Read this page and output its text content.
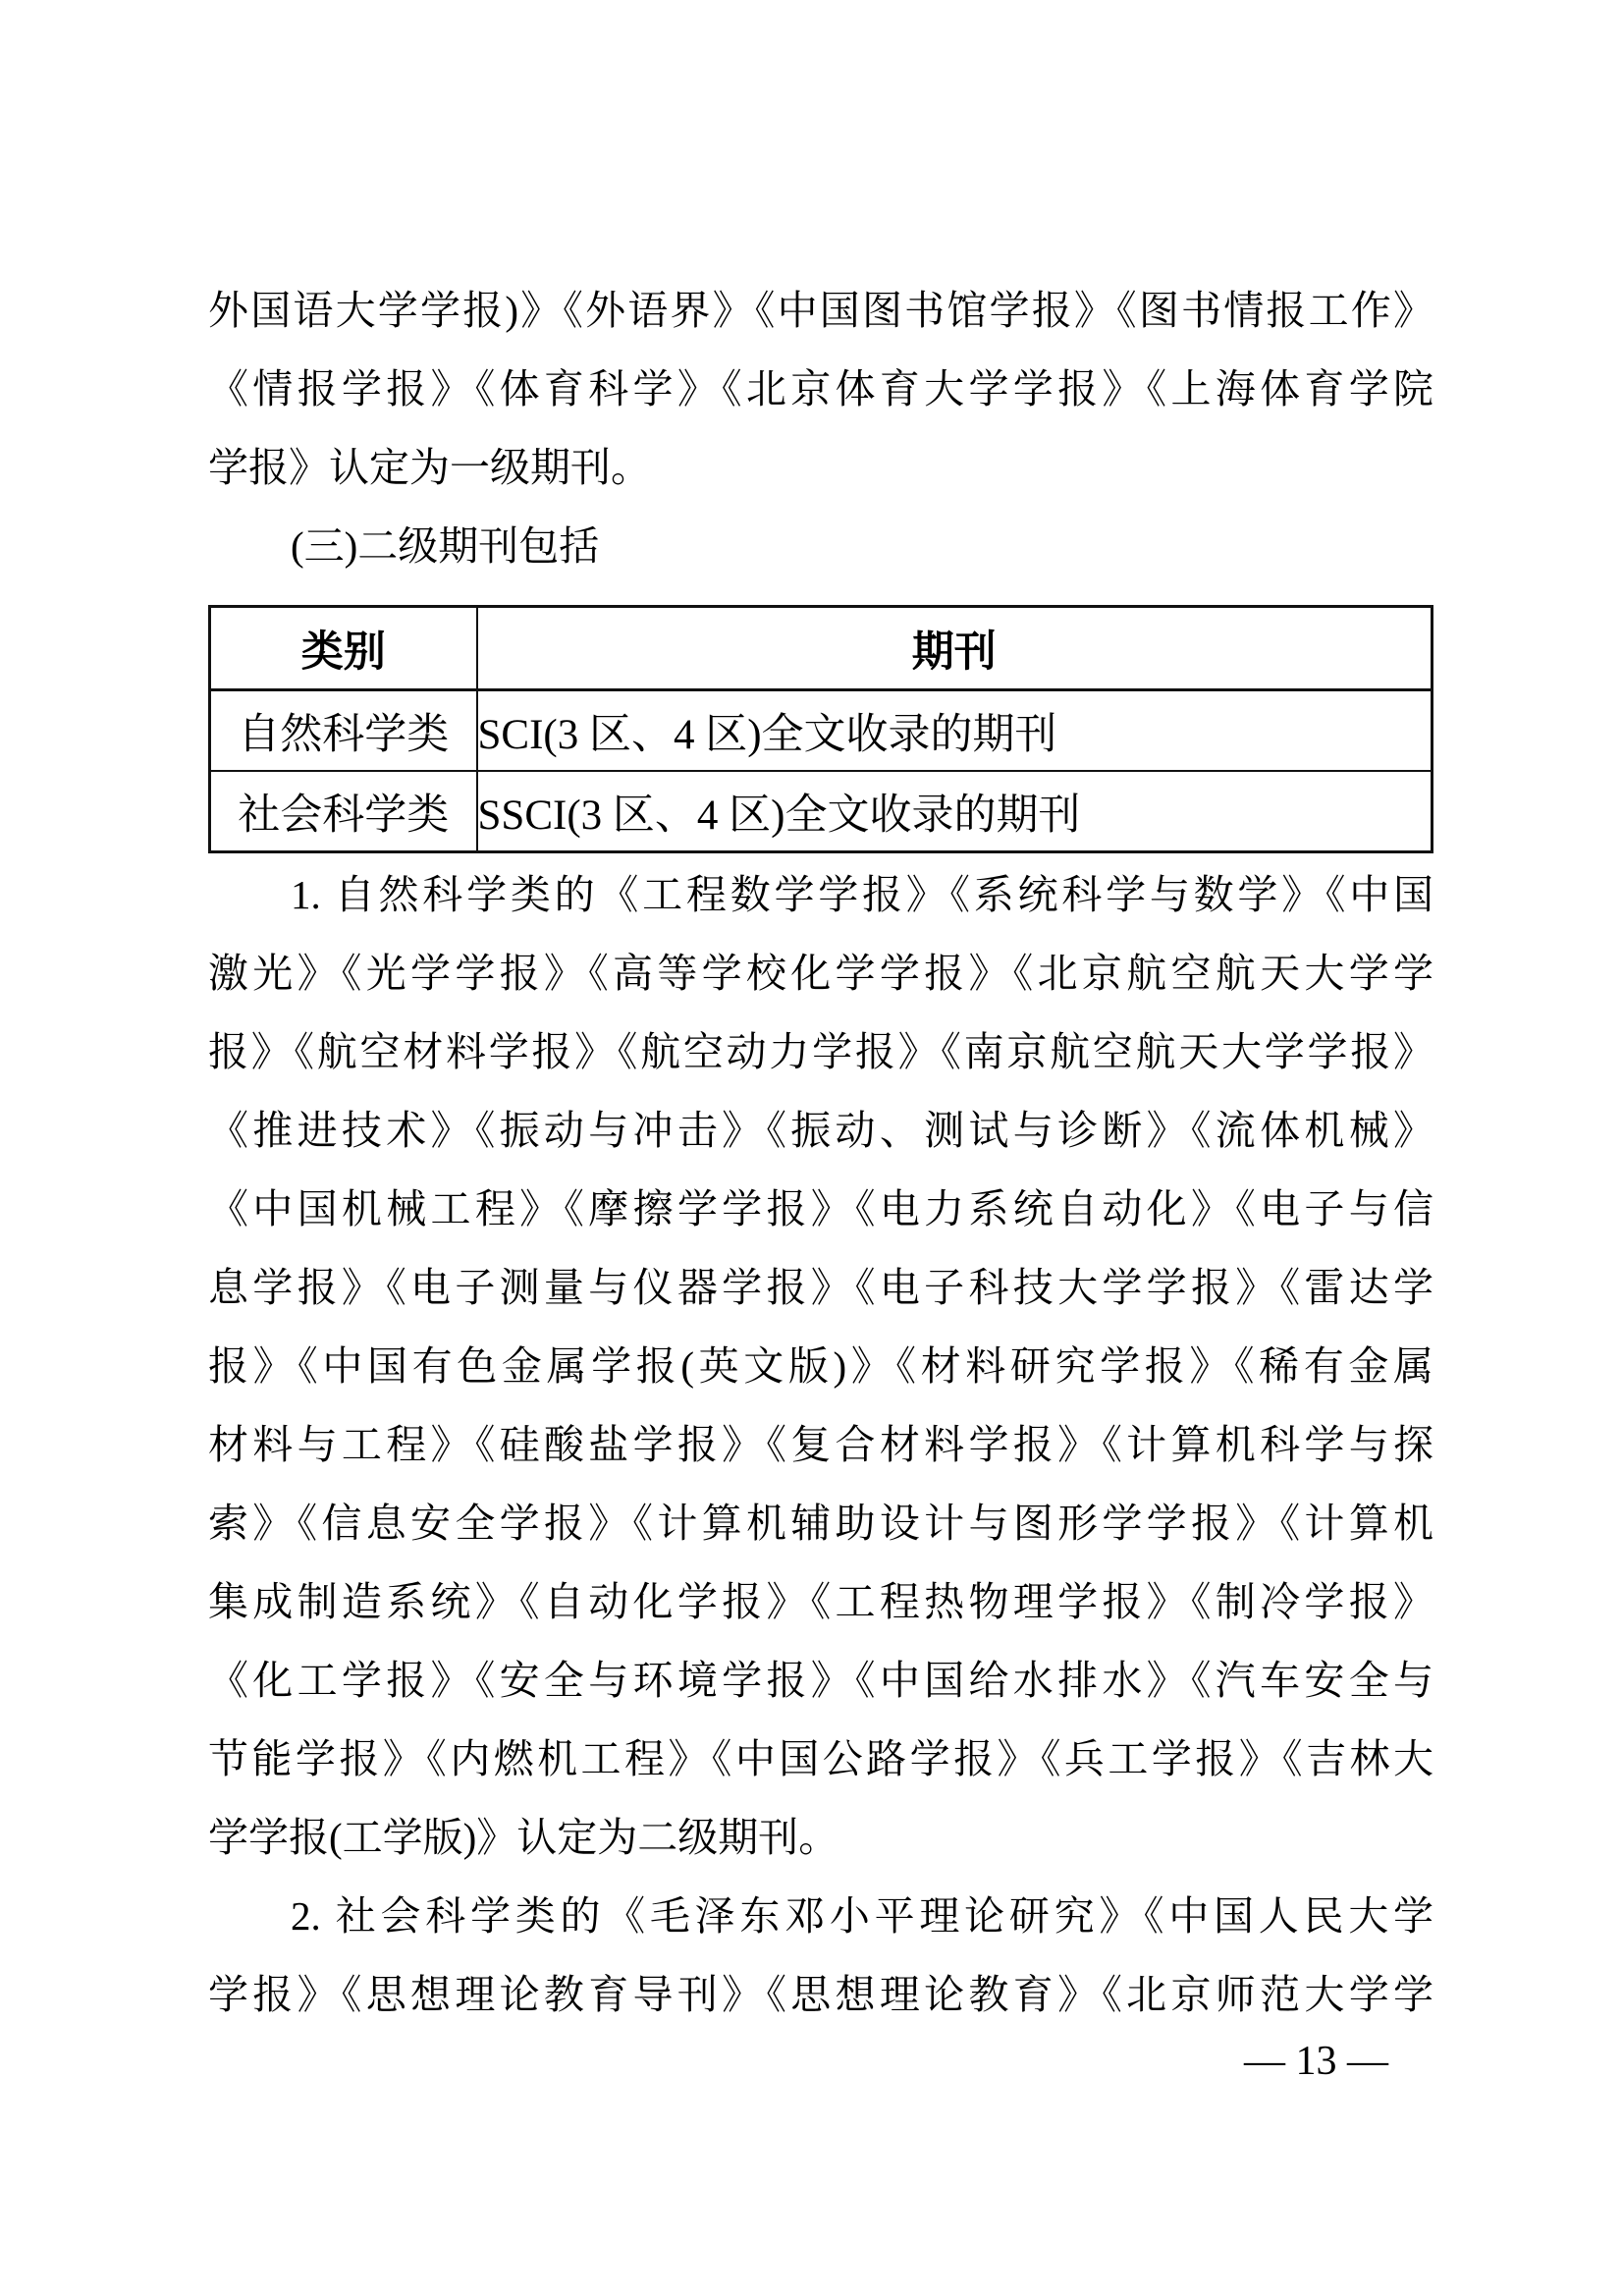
外国语大学学报)》《外语界》《中国图书馆学报》《图书情报工作》
《情报学报》《体育科学》《北京体育大学学报》《上海体育学院
学报》认定为一级期刊。
(三)二级期刊包括
类别	期刊
自然科学类	SCI(3 区、4 区)全文收录的期刊
社会科学类	SSCI(3 区、4 区)全文收录的期刊
1. 自然科学类的《工程数学学报》《系统科学与数学》《中国
激光》《光学学报》《高等学校化学学报》《北京航空航天大学学
报》《航空材料学报》《航空动力学报》《南京航空航天大学学报》
《推进技术》《振动与冲击》《振动、测试与诊断》《流体机械》
《中国机械工程》《摩擦学学报》《电力系统自动化》《电子与信
息学报》《电子测量与仪器学报》《电子科技大学学报》《雷达学
报》《中国有色金属学报(英文版)》《材料研究学报》《稀有金属
材料与工程》《硅酸盐学报》《复合材料学报》《计算机科学与探
索》《信息安全学报》《计算机辅助设计与图形学学报》《计算机
集成制造系统》《自动化学报》《工程热物理学报》《制冷学报》
《化工学报》《安全与环境学报》《中国给水排水》《汽车安全与
节能学报》《内燃机工程》《中国公路学报》《兵工学报》《吉林大
学学报(工学版)》认定为二级期刊。
2. 社会科学类的《毛泽东邓小平理论研究》《中国人民大学
学报》《思想理论教育导刊》《思想理论教育》《北京师范大学学
— 13 —
